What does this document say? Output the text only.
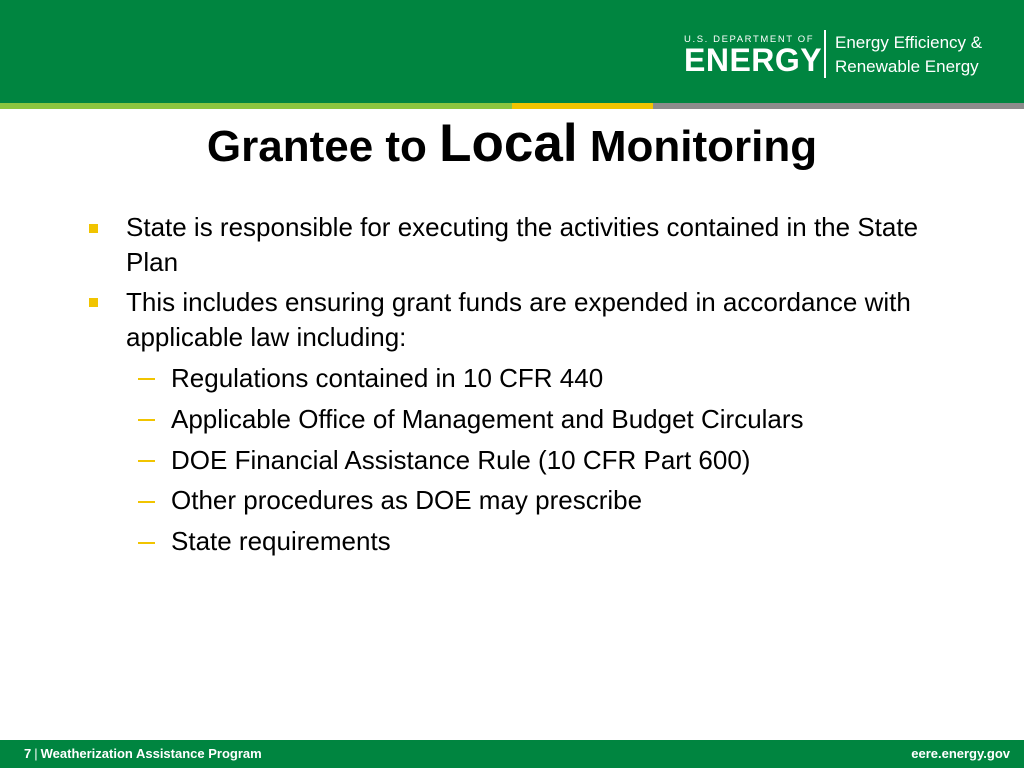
U.S. DEPARTMENT OF
ENERGY Energy Efficiency &
Renewable Energy
Grantee to Local Monitoring
State is responsible for executing the activities contained in the State Plan
This includes ensuring grant funds are expended in accordance with applicable law including:
Regulations contained in 10 CFR 440
Applicable Office of Management and Budget Circulars
DOE Financial Assistance Rule (10 CFR Part 600)
Other procedures as DOE may prescribe
State requirements
7 | Weatherization Assistance Program	eere.energy.gov
